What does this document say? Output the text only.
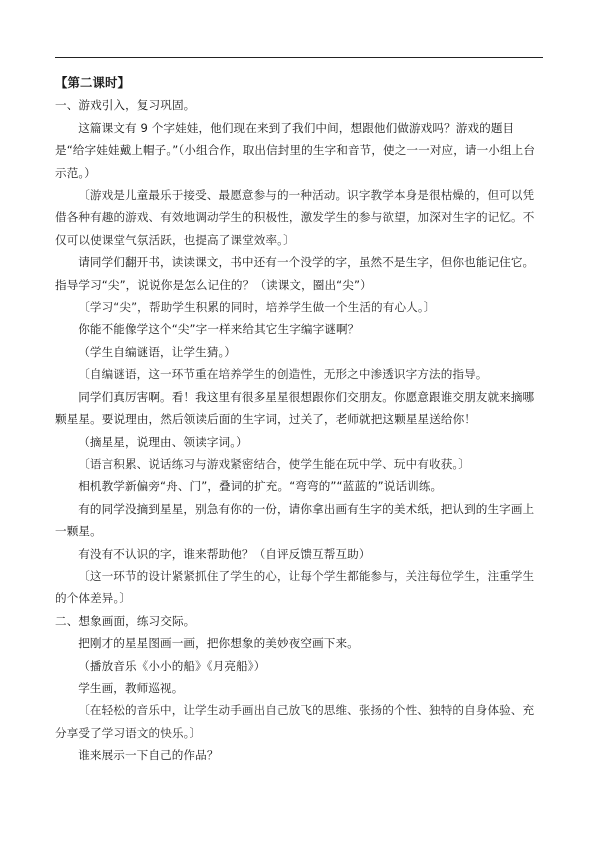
【第二课时】

一、游戏引入，复习巩固。

这篇课文有 9 个字娃娃，他们现在来到了我们中间，想跟他们做游戏吗？游戏的题目是“给字娃娃戴上帽子。”（小组合作，取出信封里的生字和音节，使之一一对应，请一小组上台示范。）

〔游戏是儿童最乐于接受、最愿意参与的一种活动。识字教学本身是很枯燥的，但可以凭借各种有趣的游戏、有效地调动学生的积极性，激发学生的参与欲望，加深对生字的记忆。不仅可以使课堂气氛活跃，也提高了课堂效率。〕

请同学们翻开书，读读课文，书中还有一个没学的字，虽然不是生字，但你也能记住它。指导学习“尖”，说说你是怎么记住的？（读课文，圈出“尖”）

〔学习“尖”，帮助学生积累的同时，培养学生做一个生活的有心人。〕

你能不能像学这个“尖”字一样来给其它生字编字谜啊？

（学生自编谜语，让学生猜。）

〔自编谜语，这一环节重在培养学生的创造性，无形之中渗透识字方法的指导。

同学们真厉害啊。看！我这里有很多星星很想跟你们交朋友。你愿意跟谁交朋友就来摘哪颗星星。要说理由，然后领读后面的生字词，过关了，老师就把这颗星星送给你！

（摘星星，说理由、领读字词。）

〔语言积累、说话练习与游戏紧密结合，使学生能在玩中学、玩中有收获。〕

相机教学新偏旁“舟、门”，叠词的扩充。“弯弯的”“蓝蓝的”说话训练。

有的同学没摘到星星，别急有你的一份，请你拿出画有生字的美术纸，把认到的生字画上一颗星。

有没有不认识的字，谁来帮助他？（自评反馈互帮互助）

〔这一环节的设计紧紧抓住了学生的心，让每个学生都能参与，关注每位学生，注重学生的个体差异。〕

二、想象画面，练习交际。

把刚才的星星图画一画，把你想象的美妙夜空画下来。

（播放音乐《小小的船》《月亮船》）

学生画，教师巡视。

〔在轻松的音乐中，让学生动手画出自己放飞的思维、张扬的个性、独特的自身体验、充分享受了学习语文的快乐。〕

谁来展示一下自己的作品？
